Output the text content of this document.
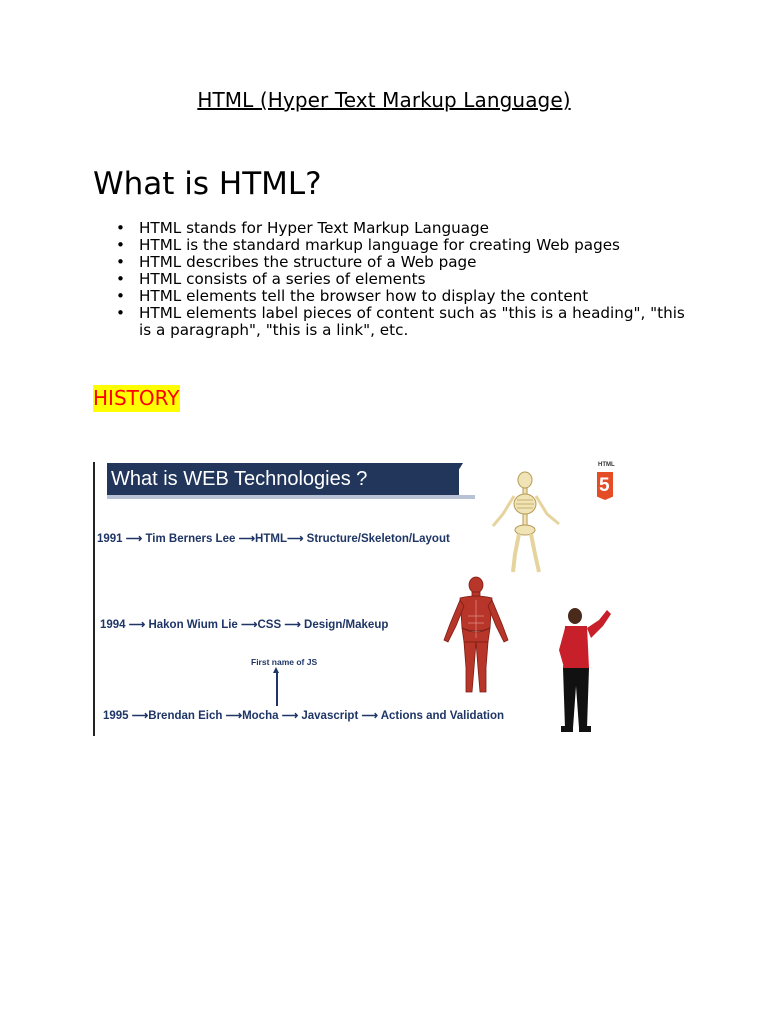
HTML (Hyper Text Markup Language)
What is HTML?
• HTML stands for Hyper Text Markup Language
• HTML is the standard markup language for creating Web pages
• HTML describes the structure of a Web page
• HTML consists of a series of elements
• HTML elements tell the browser how to display the content
• HTML elements label pieces of content such as "this is a heading", "this is a paragraph", "this is a link", etc.
HISTORY
What is WEB Technologies ?
1991 ⟶ Tim Berners Lee ⟶HTML⟶ Structure/Skeleton/Layout
1994 ⟶ Hakon Wium Lie ⟶CSS ⟶ Design/Makeup
First name of JS
1995 ⟶Brendan Eich ⟶Mocha ⟶ Javascript ⟶ Actions and Validation
HTML
5
